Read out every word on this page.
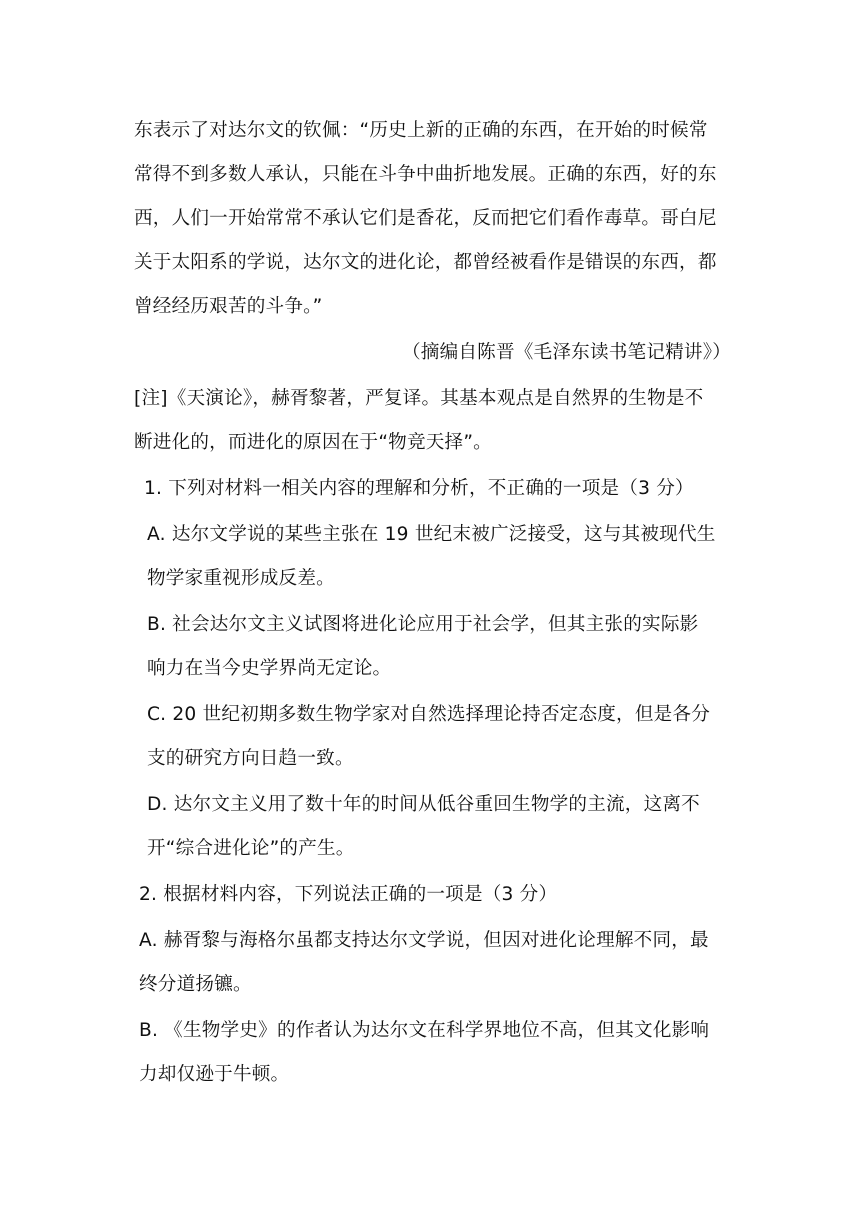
东表示了对达尔文的钦佩：“历史上新的正确的东西，在开始的时候常
常得不到多数人承认，只能在斗争中曲折地发展。正确的东西，好的东
西，人们一开始常常不承认它们是香花，反而把它们看作毒草。哥白尼
关于太阳系的学说，达尔文的进化论，都曾经被看作是错误的东西，都
曾经经历艰苦的斗争。”
（摘编自陈晋《毛泽东读书笔记精讲》）
[注]《天演论》，赫胥黎著，严复译。其基本观点是自然界的生物是不
断进化的，而进化的原因在于“物竞天择”。
1. 下列对材料一相关内容的理解和分析，不正确的一项是（3 分）
A. 达尔文学说的某些主张在 19 世纪末被广泛接受，这与其被现代生
物学家重视形成反差。
B. 社会达尔文主义试图将进化论应用于社会学，但其主张的实际影
响力在当今史学界尚无定论。
C. 20 世纪初期多数生物学家对自然选择理论持否定态度，但是各分
支的研究方向日趋一致。
D. 达尔文主义用了数十年的时间从低谷重回生物学的主流，这离不
开“综合进化论”的产生。
2. 根据材料内容，下列说法正确的一项是（3 分）
A. 赫胥黎与海格尔虽都支持达尔文学说，但因对进化论理解不同，最
终分道扬镳。
B. 《生物学史》的作者认为达尔文在科学界地位不高，但其文化影响
力却仅逊于牛顿。
